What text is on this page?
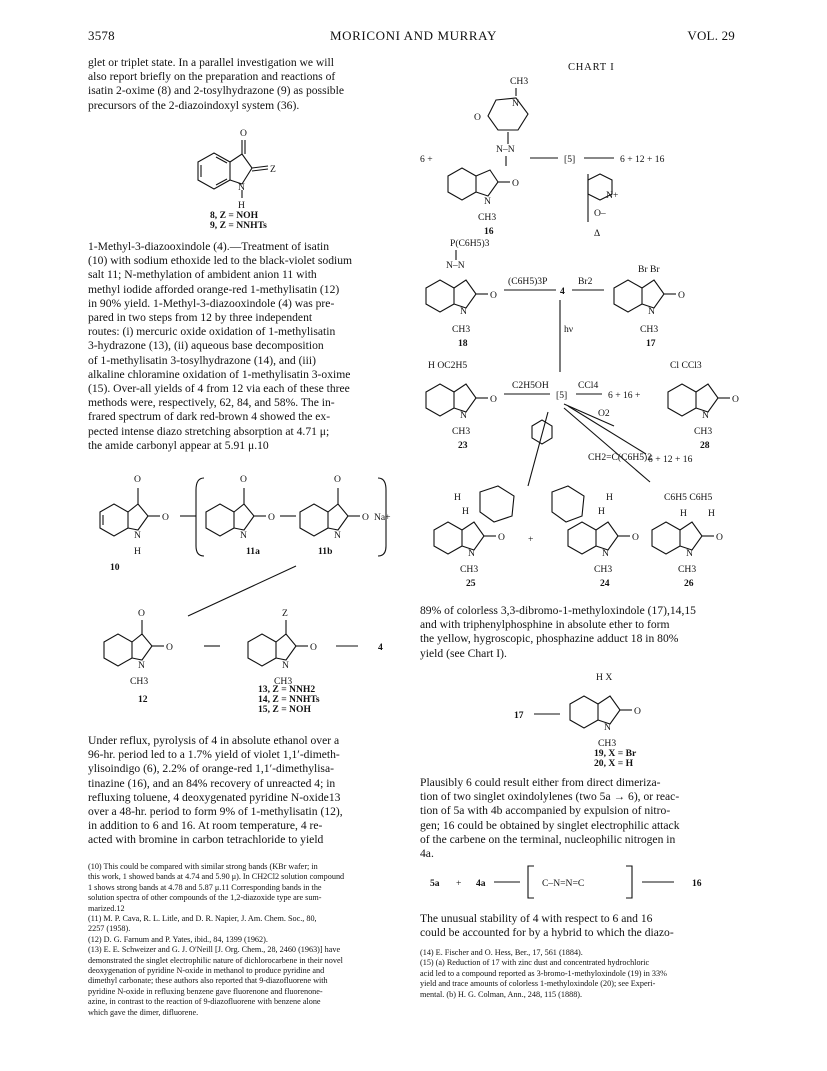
3578	MORICONI AND MURRAY	VOL. 29
glet or triplet state. In a parallel investigation we will
also report briefly on the preparation and reactions of
isatin 2-oxime (8) and 2-tosylhydrazone (9) as possible
precursors of the 2-diazoindoxyl system (36).
O
Z
N
H
8, Z = NOH
9, Z = NNHTs
1-Methyl-3-diazooxindole (4).—Treatment of isatin
(10) with sodium ethoxide led to the black-violet sodium
salt 11; N-methylation of ambident anion 11 with
methyl iodide afforded orange-red 1-methylisatin (12)
in 90% yield. 1-Methyl-3-diazooxindole (4) was pre-
pared in two steps from 12 by three independent
routes: (i) mercuric oxide oxidation of 1-methylisatin
3-hydrazone (13), (ii) aqueous base decomposition
of 1-methylisatin 3-tosylhydrazone (14), and (iii)
alkaline chloramine oxidation of 1-methylisatin 3-oxime
(15). Over-all yields of 4 from 12 via each of these three
methods were, respectively, 62, 84, and 58%. The in-
frared spectrum of dark red-brown 4 showed the ex-
pected intense diazo stretching absorption at 4.71 μ;
the amide carbonyl appear at 5.91 μ.10
O
N
H
O
10
O
O
N
11a
O
O
N
11b
Na+
O
O
N
CH3
12
Z
O
N
CH3
13, Z = NNH2
14, Z = NNHTs
15, Z = NOH
4
Under reflux, pyrolysis of 4 in absolute ethanol over a
96-hr. period led to a 1.7% yield of violet 1,1′-dimeth-
ylisoindigo (6), 2.2% of orange-red 1,1′-dimethylisa-
tinazine (16), and an 84% recovery of unreacted 4; in
refluxing toluene, 4 deoxygenated pyridine N-oxide13
over a 48-hr. period to form 9% of 1-methylisatin (12),
in addition to 6 and 16. At room temperature, 4 re-
acted with bromine in carbon tetrachloride to yield
(10) This could be compared with similar strong bands (KBr wafer; in
this work, 1 showed bands at 4.74 and 5.90 μ). In CH2Cl2 solution compound
1 shows strong bands at 4.78 and 5.87 μ.11 Corresponding bands in the
solution spectra of other compounds of the 1,2-diazoxide type are sum-
marized.12
(11) M. P. Cava, R. L. Litle, and D. R. Napier, J. Am. Chem. Soc., 80,
2257 (1958).
(12) D. G. Farnum and P. Yates, ibid., 84, 1399 (1962).
(13) E. E. Schweizer and G. J. O'Neill [J. Org. Chem., 28, 2460 (1963)] have
demonstrated the singlet electrophilic nature of dichlorocarbene in their novel
deoxygenation of pyridine N-oxide in methanol to produce pyridine and
dimethyl carbonate; these authors also reported that 9-diazofluorene with
pyridine N-oxide in refluxing benzene gave fluorenone and fluorenone-
azine, in contrast to the reaction of 9-diazofluorene with benzene alone
which gave the dimer, difluorene.
CHART I
CH3
N
O
N–N
O
N
CH3
16
6 +	[5]	6 + 12 + 16
N+
O–
Δ
P(C6H5)3
N–N
O
N
CH3
18
(C6H5)3P
4
Br2
Br Br
O
N
CH3
17
hν
H OC2H5
O
N
CH3
23
C2H5OH
[5]
CCl4
6 + 16 +
Cl CCl3
O
N
CH3
28
O2
6 + 12 + 16
CH2=C(C6H5)2
H
H
O
N
CH3
25
+
H
H
O
N
CH3
24
C6H5 C6H5
H H
O
N
CH3
26
89% of colorless 3,3-dibromo-1-methyloxindole (17),14,15
and with triphenylphosphine in absolute ether to form
the yellow, hygroscopic, phosphazine adduct 18 in 80%
yield (see Chart I).
17
H X
O
N
CH3
19, X = Br
20, X = H
Plausibly 6 could result either from direct dimeriza-
tion of two singlet oxindolylenes (two 5a → 6), or reac-
tion of 5a with 4b accompanied by expulsion of nitro-
gen; 16 could be obtained by singlet electrophilic attack
of the carbene on the terminal, nucleophilic nitrogen in
4a.
5a + 4a	C–N=N=C	16
The unusual stability of 4 with respect to 6 and 16
could be accounted for by a hybrid to which the diazo-
(14) E. Fischer and O. Hess, Ber., 17, 561 (1884).
(15) (a) Reduction of 17 with zinc dust and concentrated hydrochloric
acid led to a compound reported as 3-bromo-1-methyloxindole (19) in 33%
yield and trace amounts of colorless 1-methyloxindole (20); see Experi-
mental. (b) H. G. Colman, Ann., 248, 115 (1888).
